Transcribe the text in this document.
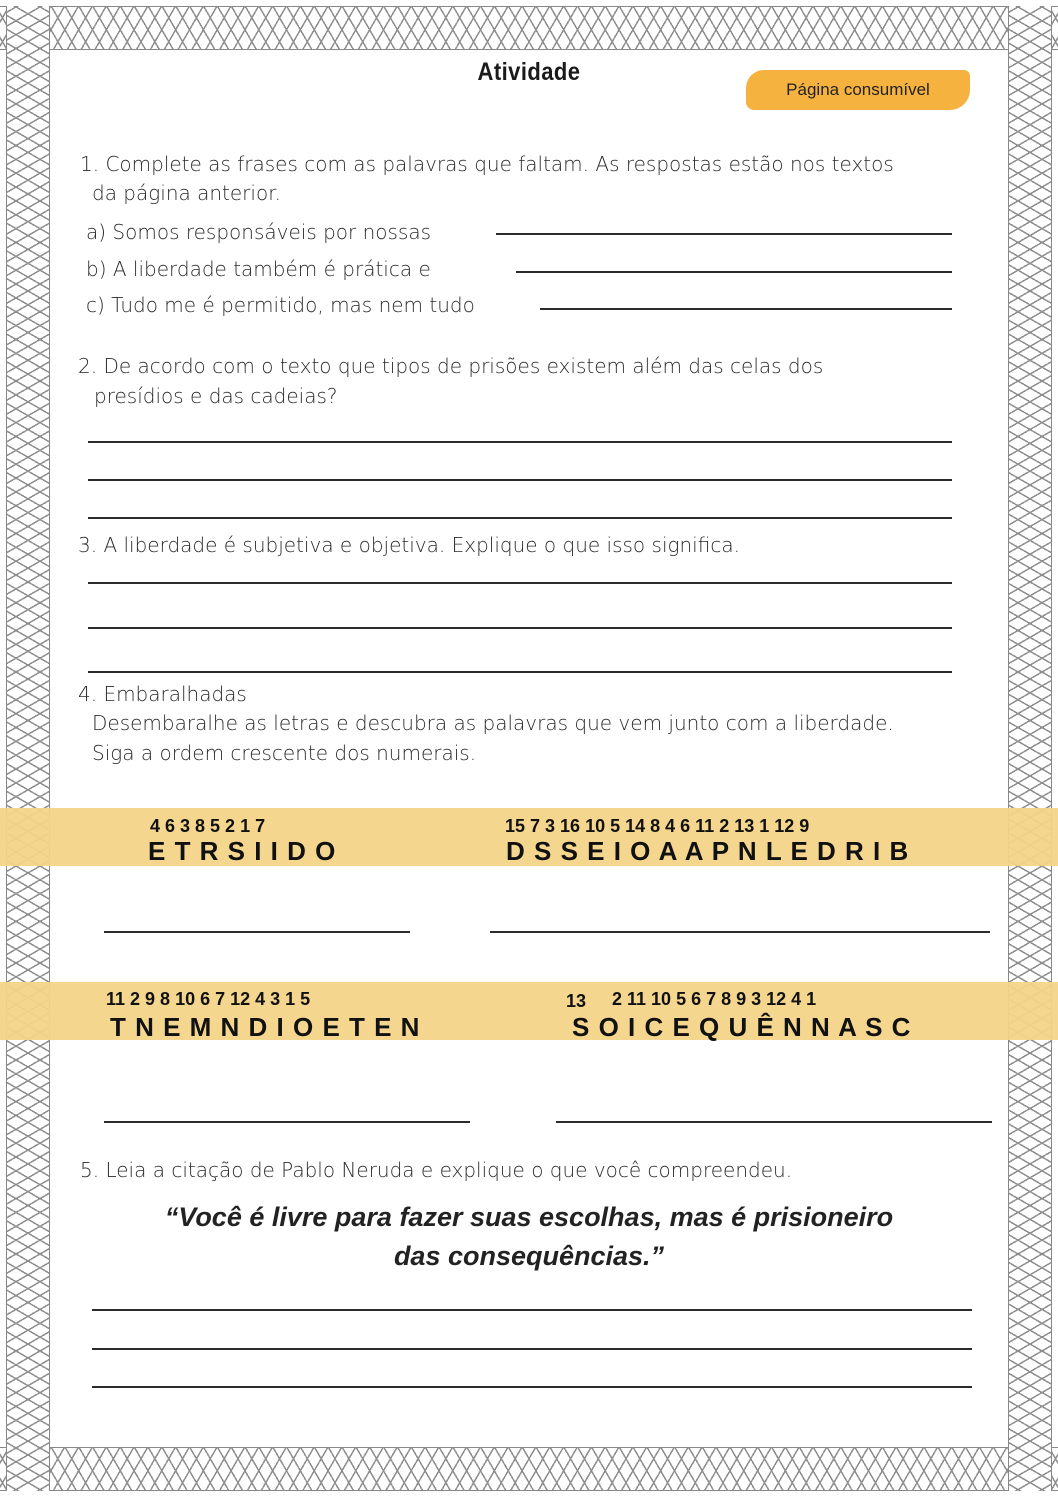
Atividade
Página consumível
1. Complete as frases com as palavras que faltam. As respostas estão nos textos
da página anterior.
a) Somos responsáveis por nossas
b) A liberdade também é prática e
c) Tudo me é permitido, mas nem tudo
2. De acordo com o texto que tipos de prisões existem além das celas dos
presídios e das cadeias?
3. A liberdade é subjetiva e objetiva. Explique o que isso significa.
4. Embaralhadas
Desembaralhe as letras e descubra as palavras que vem junto com a liberdade.
Siga a ordem crescente dos numerais.
4 6 3 8 5 2 1 7
E T R S I I D O
15 7 3 16 10 5 14 8 4 6 11 2 13 1 12 9
D S S E I O A A P N L E D R I B
11 2 9 8 10 6 7 12 4 3 1 5
T N E M N D I O E T E N
13 2 11 10 5 6 7 8 9 3 12 4 1
S O I C E Q U Ê N N A S C
5. Leia a citação de Pablo Neruda e explique o que você compreendeu.
“Você é livre para fazer suas escolhas, mas é prisioneiro
das consequências.”
